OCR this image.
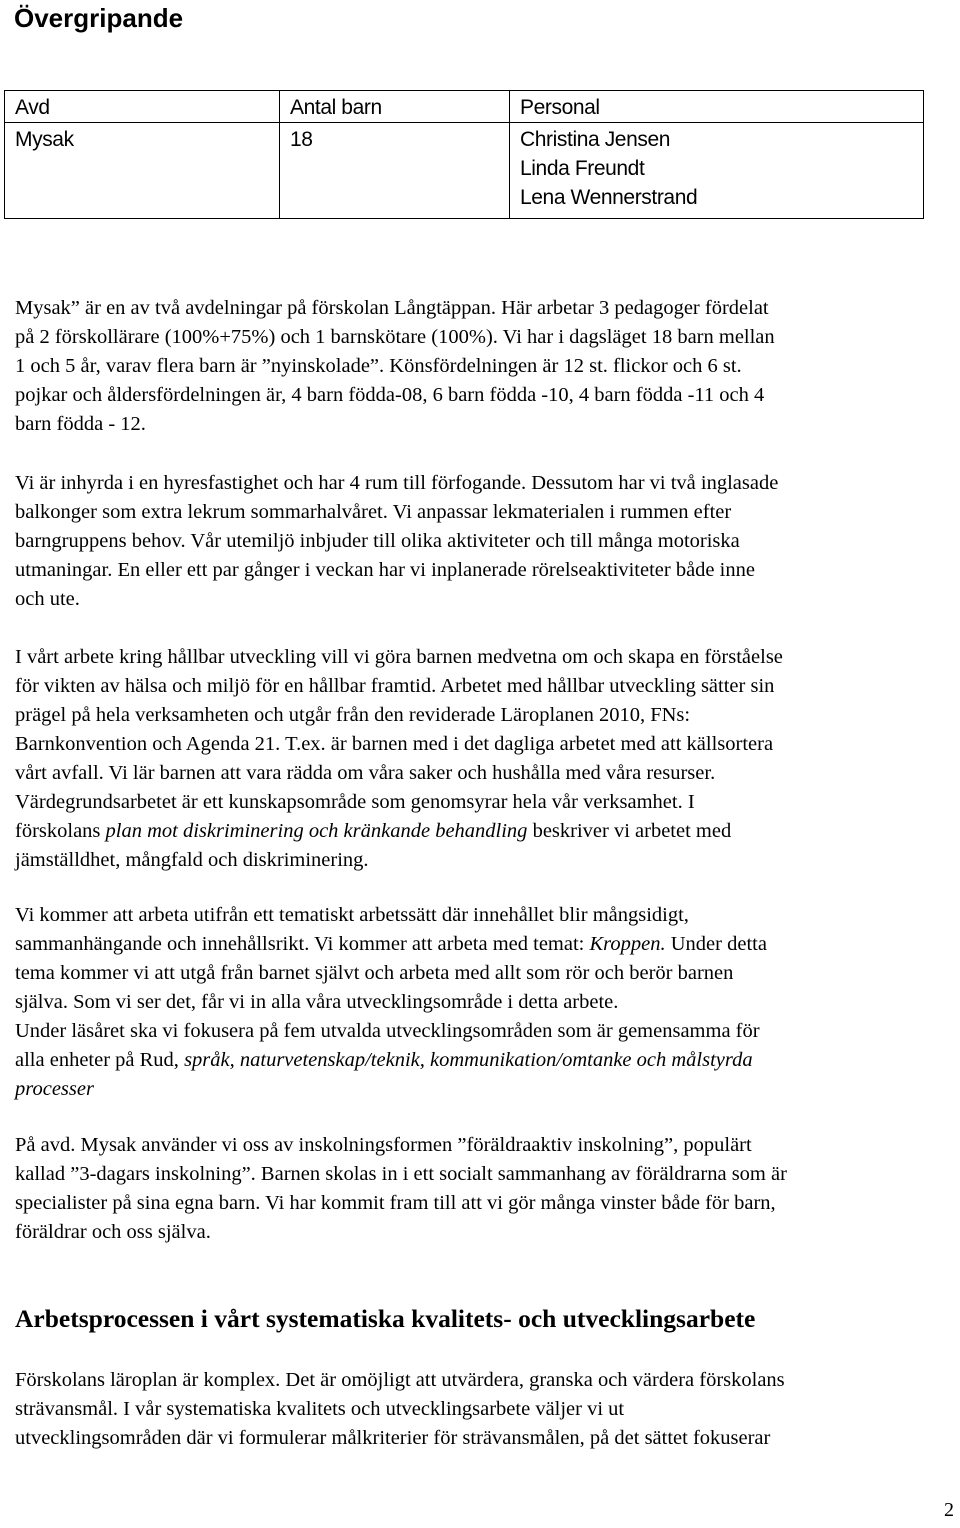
Övergripande
Avd	Antal barn	Personal
Mysak	18	Christina Jensen
Linda Freundt
Lena Wennerstrand

Mysak” är en av två avdelningar på förskolan Långtäppan. Här arbetar 3 pedagoger fördelat

på 2 förskollärare (100%+75%) och 1 barnskötare (100%). Vi har i dagsläget 18 barn mellan

1 och 5 år, varav flera barn är ”nyinskolade”. Könsfördelningen är 12 st. flickor och 6 st.

pojkar och åldersfördelningen är, 4 barn födda-08, 6 barn födda -10, 4 barn födda -11 och 4

barn födda - 12.

Vi är inhyrda i en hyresfastighet och har 4 rum till förfogande. Dessutom har vi två inglasade

balkonger som extra lekrum sommarhalvåret. Vi anpassar lekmaterialen i rummen efter

barngruppens behov. Vår utemiljö inbjuder till olika aktiviteter och till många motoriska

utmaningar. En eller ett par gånger i veckan har vi inplanerade rörelseaktiviteter både inne

och ute.

I vårt arbete kring hållbar utveckling vill vi göra barnen medvetna om och skapa en förståelse

för vikten av hälsa och miljö för en hållbar framtid. Arbetet med hållbar utveckling sätter sin

prägel på hela verksamheten och utgår från den reviderade Läroplanen 2010, FNs:

Barnkonvention och Agenda 21. T.ex. är barnen med i det dagliga arbetet med att källsortera

vårt avfall. Vi lär barnen att vara rädda om våra saker och hushålla med våra resurser.

Värdegrundsarbetet är ett kunskapsområde som genomsyrar hela vår verksamhet. I

förskolans plan mot diskriminering och kränkande behandling beskriver vi arbetet med

jämställdhet, mångfald och diskriminering.

Vi kommer att arbeta utifrån ett tematiskt arbetssätt där innehållet blir mångsidigt,

sammanhängande och innehållsrikt. Vi kommer att arbeta med temat: Kroppen. Under detta

tema kommer vi att utgå från barnet självt och arbeta med allt som rör och berör barnen

själva. Som vi ser det, får vi in alla våra utvecklingsområde i detta arbete.

Under läsåret ska vi fokusera på fem utvalda utvecklingsområden som är gemensamma för

alla enheter på Rud, språk, naturvetenskap/teknik, kommunikation/omtanke och målstyrda

processer

På avd. Mysak använder vi oss av inskolningsformen ”föräldraaktiv inskolning”, populärt

kallad ”3-dagars inskolning”. Barnen skolas in i ett socialt sammanhang av föräldrarna som är

specialister på sina egna barn. Vi har kommit fram till att vi gör många vinster både för barn,

föräldrar och oss själva.

Arbetsprocessen i vårt systematiska kvalitets- och utvecklingsarbete

Förskolans läroplan är komplex. Det är omöjligt att utvärdera, granska och värdera förskolans

strävansmål. I vår systematiska kvalitets och utvecklingsarbete väljer vi ut

utvecklingsområden där vi formulerar målkriterier för strävansmålen, på det sättet fokuserar

2
